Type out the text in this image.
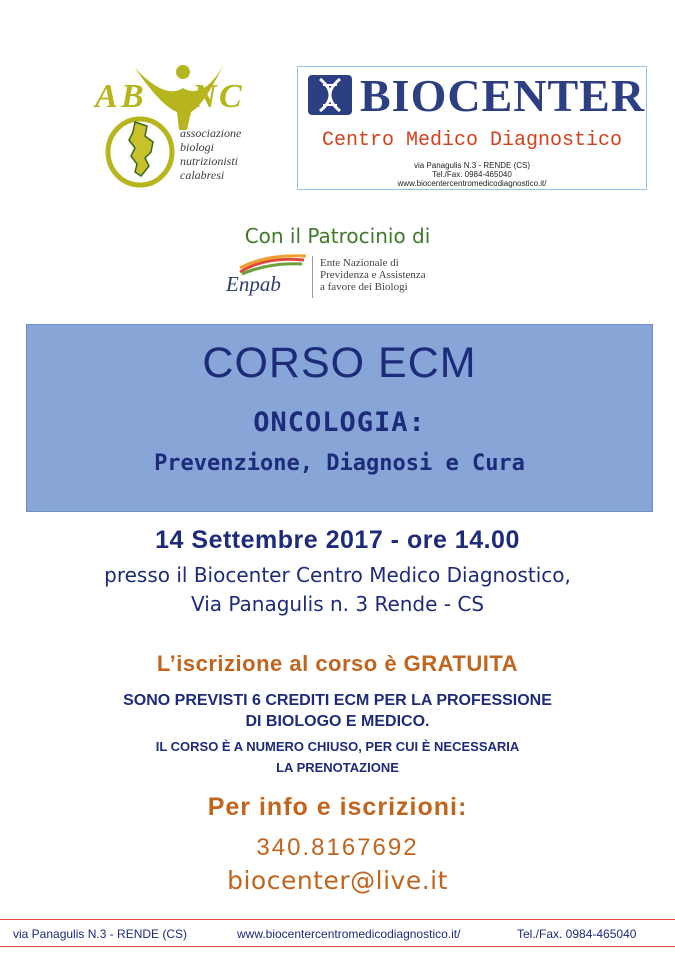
A B N C
associazione
biologi
nutrizionisti
calabresi
BIOCENTER
Centro Medico Diagnostico
via Panagulis N.3 - RENDE (CS)
Tel./Fax. 0984-465040
www.biocentercentromedicodiagnostico.it/
Con il Patrocinio di
Enpab
Ente Nazionale di
Previdenza e Assistenza
a favore dei Biologi
CORSO ECM
ONCOLOGIA:
Prevenzione, Diagnosi e Cura
14 Settembre 2017 - ore 14.00
presso il Biocenter Centro Medico Diagnostico,
Via Panagulis n. 3 Rende - CS
L’iscrizione al corso è GRATUITA
SONO PREVISTI 6 CREDITI ECM PER LA PROFESSIONE
DI BIOLOGO E MEDICO.
IL CORSO È A NUMERO CHIUSO, PER CUI È NECESSARIA
LA PRENOTAZIONE
Per info e iscrizioni:
340.8167692
biocenter@live.it
via Panagulis N.3 - RENDE (CS)	www.biocentercentromedicodiagnostico.it/	Tel./Fax. 0984-465040
